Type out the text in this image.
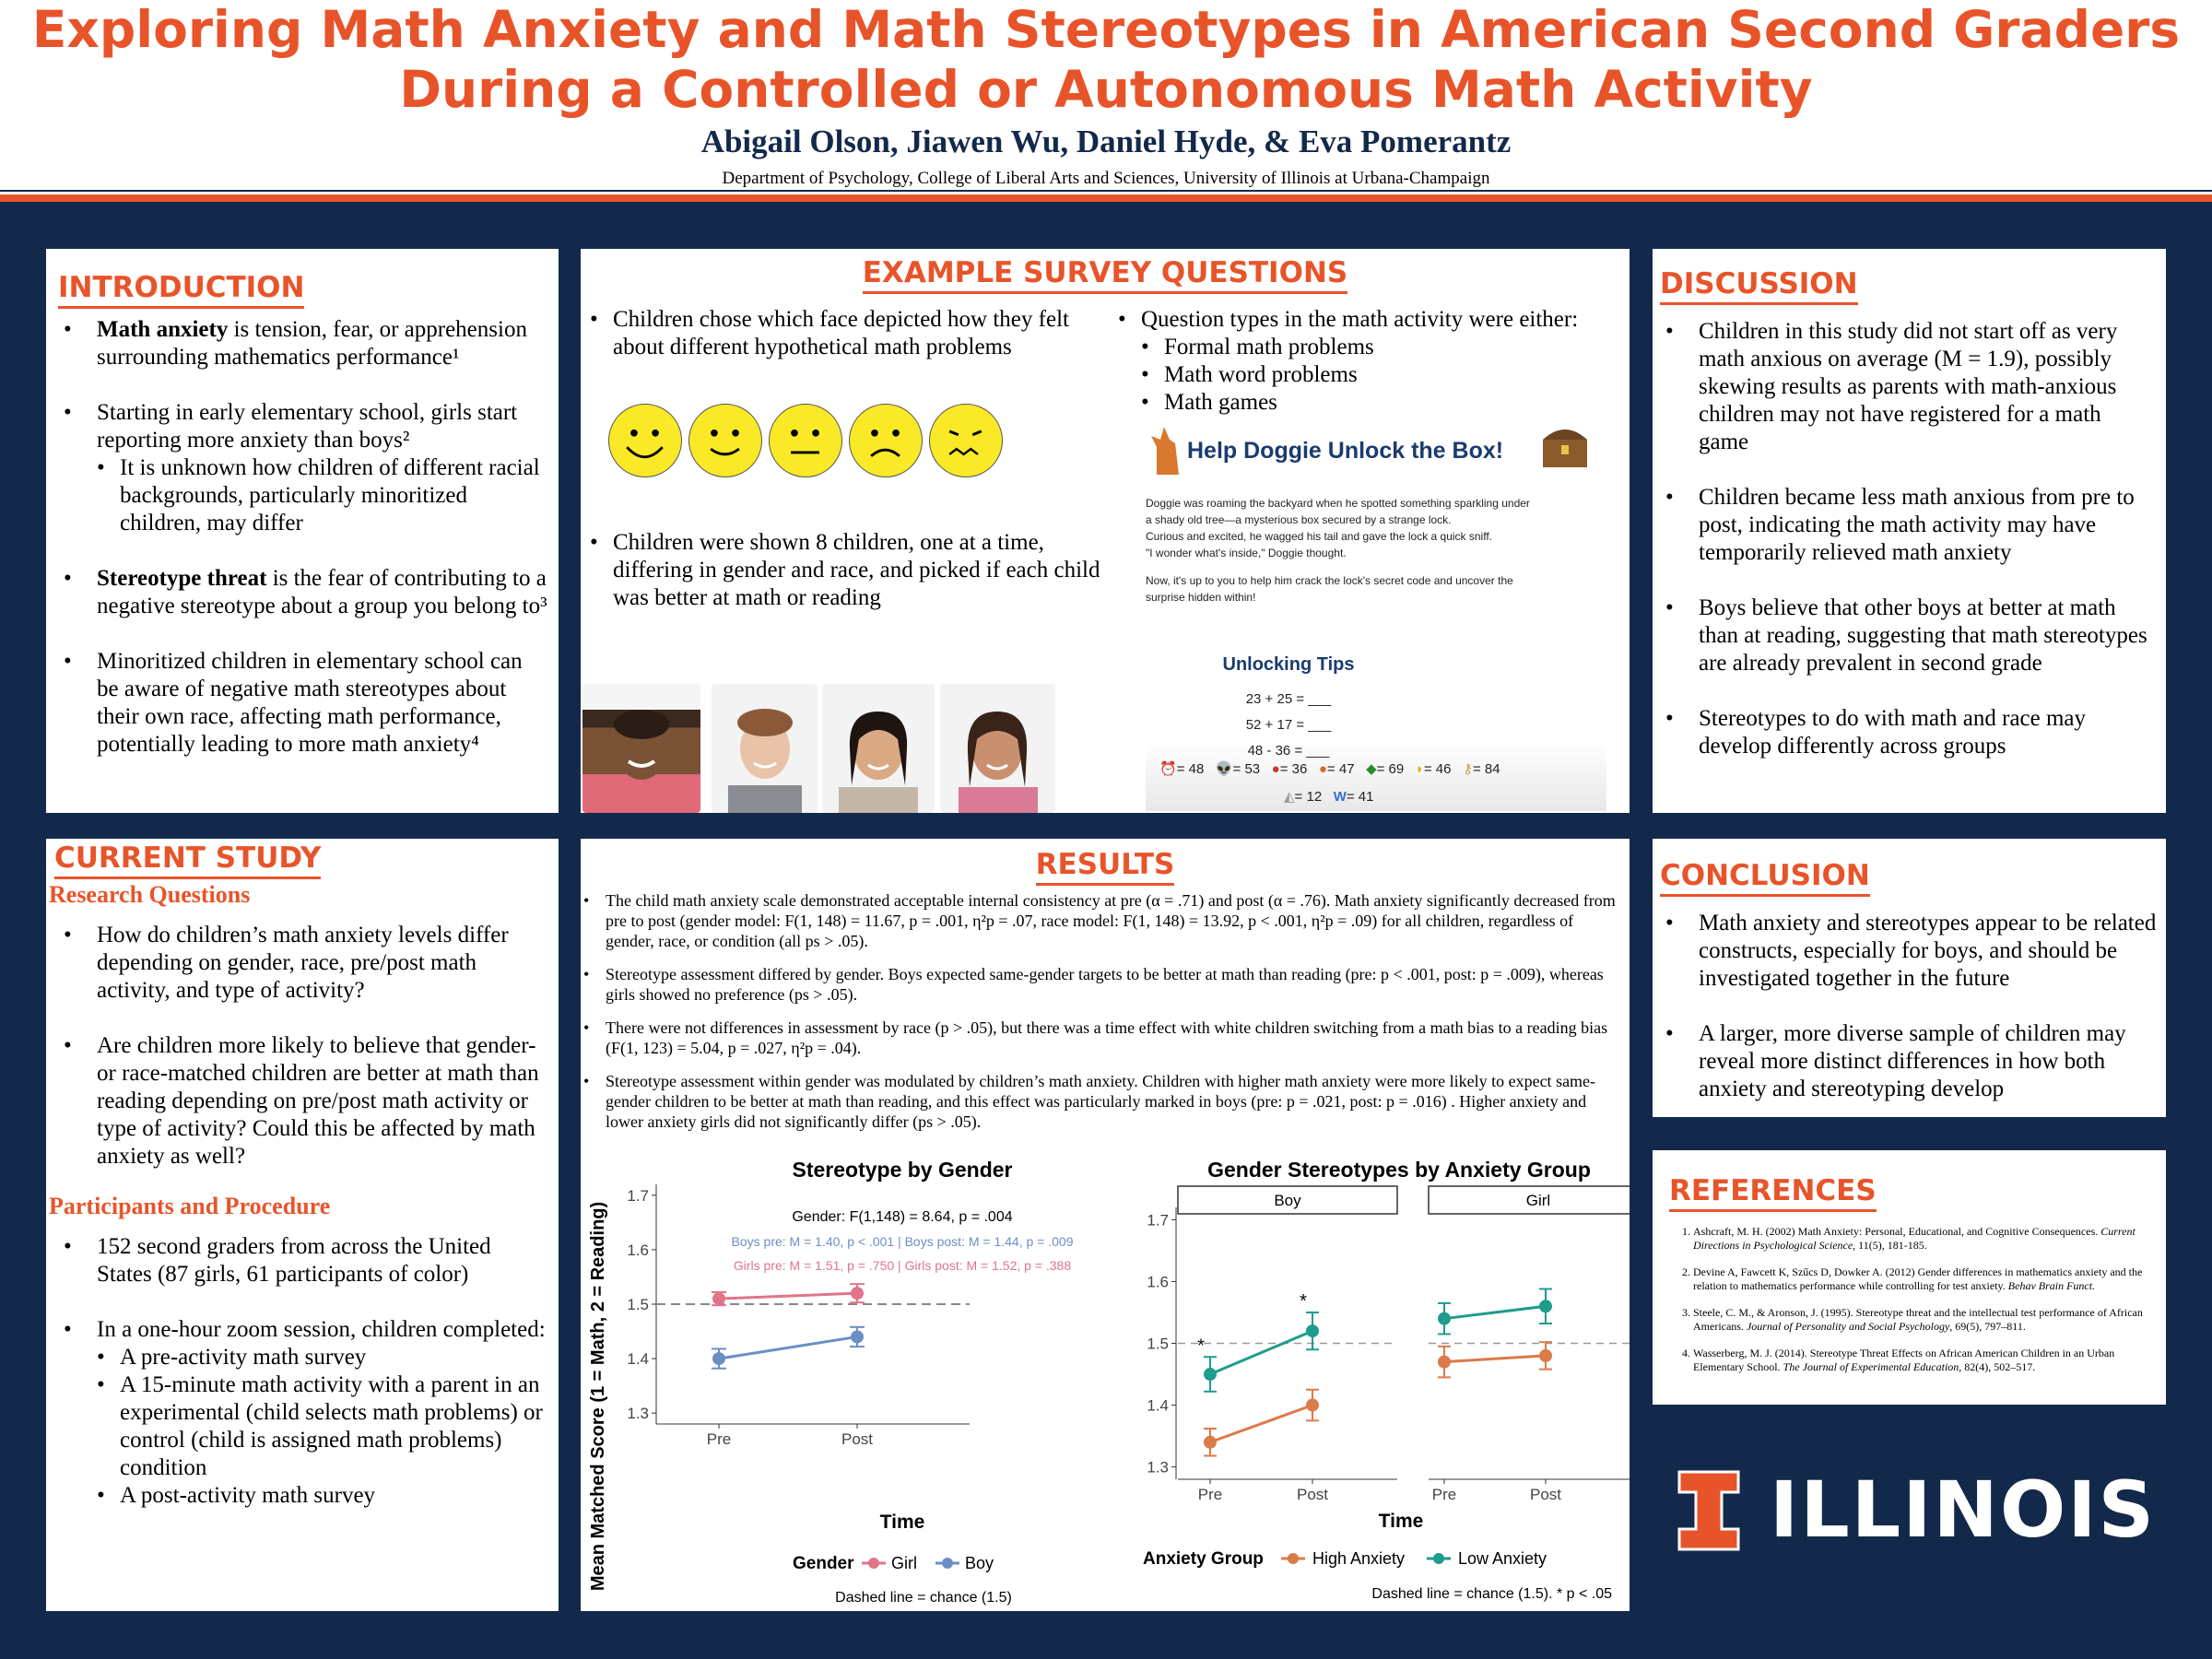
Exploring Math Anxiety and Math Stereotypes in American Second Graders
During a Controlled or Autonomous Math Activity
Abigail Olson, Jiawen Wu, Daniel Hyde, & Eva Pomerantz
Department of Psychology, College of Liberal Arts and Sciences, University of Illinois at Urbana-Champaign
INTRODUCTION
• Math anxiety is tension, fear, or apprehension surrounding mathematics performance¹
• Starting in early elementary school, girls start reporting more anxiety than boys²
• It is unknown how children of different racial backgrounds, particularly minoritized children, may differ
• Stereotype threat is the fear of contributing to a negative stereotype about a group you belong to³
• Minoritized children in elementary school can be aware of negative math stereotypes about their own race, affecting math performance, potentially leading to more math anxiety⁴
EXAMPLE SURVEY QUESTIONS
• Children chose which face depicted how they felt about different hypothetical math problems
• Children were shown 8 children, one at a time, differing in gender and race, and picked if each child was better at math or reading
• Question types in the math activity were either:
• Formal math problems
• Math word problems
• Math games
Help Doggie Unlock the Box!
Doggie was roaming the backyard when he spotted something sparkling under
a shady old tree—a mysterious box secured by a strange lock.
Curious and excited, he wagged his tail and gave the lock a quick sniff.
"I wonder what's inside," Doggie thought.
Now, it's up to you to help him crack the lock's secret code and uncover the
surprise hidden within!
Unlocking Tips
23 + 25 = ___
52 + 17 = ___
48 - 36 = ___
⏰= 48 👽= 53 ●= 36 ●= 47 ◆= 69 ◗= 46 ⚷= 84
◭= 12 W= 41
DISCUSSION
• Children in this study did not start off as very math anxious on average (M = 1.9), possibly skewing results as parents with math-anxious children may not have registered for a math game
• Children became less math anxious from pre to post, indicating the math activity may have temporarily relieved math anxiety
• Boys believe that other boys at better at math than at reading, suggesting that math stereotypes are already prevalent in second grade
• Stereotypes to do with math and race may develop differently across groups
CURRENT STUDY
Research Questions
• How do children’s math anxiety levels differ depending on gender, race, pre/post math activity, and type of activity?
• Are children more likely to believe that gender- or race-matched children are better at math than reading depending on pre/post math activity or type of activity? Could this be affected by math anxiety as well?
Participants and Procedure
• 152 second graders from across the United States (87 girls, 61 participants of color)
• In a one-hour zoom session, children completed:
• A pre-activity math survey
• A 15-minute math activity with a parent in an experimental (child selects math problems) or control (child is assigned math problems) condition
• A post-activity math survey
RESULTS
• The child math anxiety scale demonstrated acceptable internal consistency at pre (α = .71) and post (α = .76). Math anxiety significantly decreased from pre to post (gender model: F(1, 148) = 11.67, p = .001, η²p = .07, race model: F(1, 148) = 13.92, p < .001, η²p = .09) for all children, regardless of gender, race, or condition (all ps > .05).
• Stereotype assessment differed by gender. Boys expected same-gender targets to be better at math than reading (pre: p < .001, post: p = .009), whereas girls showed no preference (ps > .05).
• There were not differences in assessment by race (p > .05), but there was a time effect with white children switching from a math bias to a reading bias (F(1, 123) = 5.04, p = .027, η²p = .04).
• Stereotype assessment within gender was modulated by children’s math anxiety. Children with higher math anxiety were more likely to expect same-gender children to be better at math than reading, and this effect was particularly marked in boys (pre: p = .021, post: p = .016) . Higher anxiety and lower anxiety girls did not significantly differ (ps > .05).
Stereotype by Gender
Gender: F(1,148) = 8.64, p = .004
Boys pre: M = 1.40, p < .001 | Boys post: M = 1.44, p = .009
Girls pre: M = 1.51, p = .750 | Girls post: M = 1.52, p = .388
Time
Mean Matched Score (1 = Math, 2 = Reading)	Gender
Dashed line = chance (1.5)
1.3
1.4
1.5
1.6
1.7
Pre	Post
Girl	Boy
Gender Stereotypes by Anxiety Group
Time
Anxiety Group
Dashed line = chance (1.5). * p < .05
1.3
1.4
1.5
1.6
1.7
Boy
Pre	Post
Girl
Pre	Post
*
*
High Anxiety	Low Anxiety
CONCLUSION
• Math anxiety and stereotypes appear to be related constructs, especially for boys, and should be investigated together in the future
• A larger, more diverse sample of children may reveal more distinct differences in how both anxiety and stereotyping develop
REFERENCES
1. Ashcraft, M. H. (2002) Math Anxiety: Personal, Educational, and Cognitive Consequences. Current Directions in Psychological Science, 11(5), 181-185.
2. Devine A, Fawcett K, Szűcs D, Dowker A. (2012) Gender differences in mathematics anxiety and the relation to mathematics performance while controlling for test anxiety. Behav Brain Funct.
3. Steele, C. M., & Aronson, J. (1995). Stereotype threat and the intellectual test performance of African Americans. Journal of Personality and Social Psychology, 69(5), 797–811.
4. Wasserberg, M. J. (2014). Stereotype Threat Effects on African American Children in an Urban Elementary School. The Journal of Experimental Education, 82(4), 502–517.
ILLINOIS
